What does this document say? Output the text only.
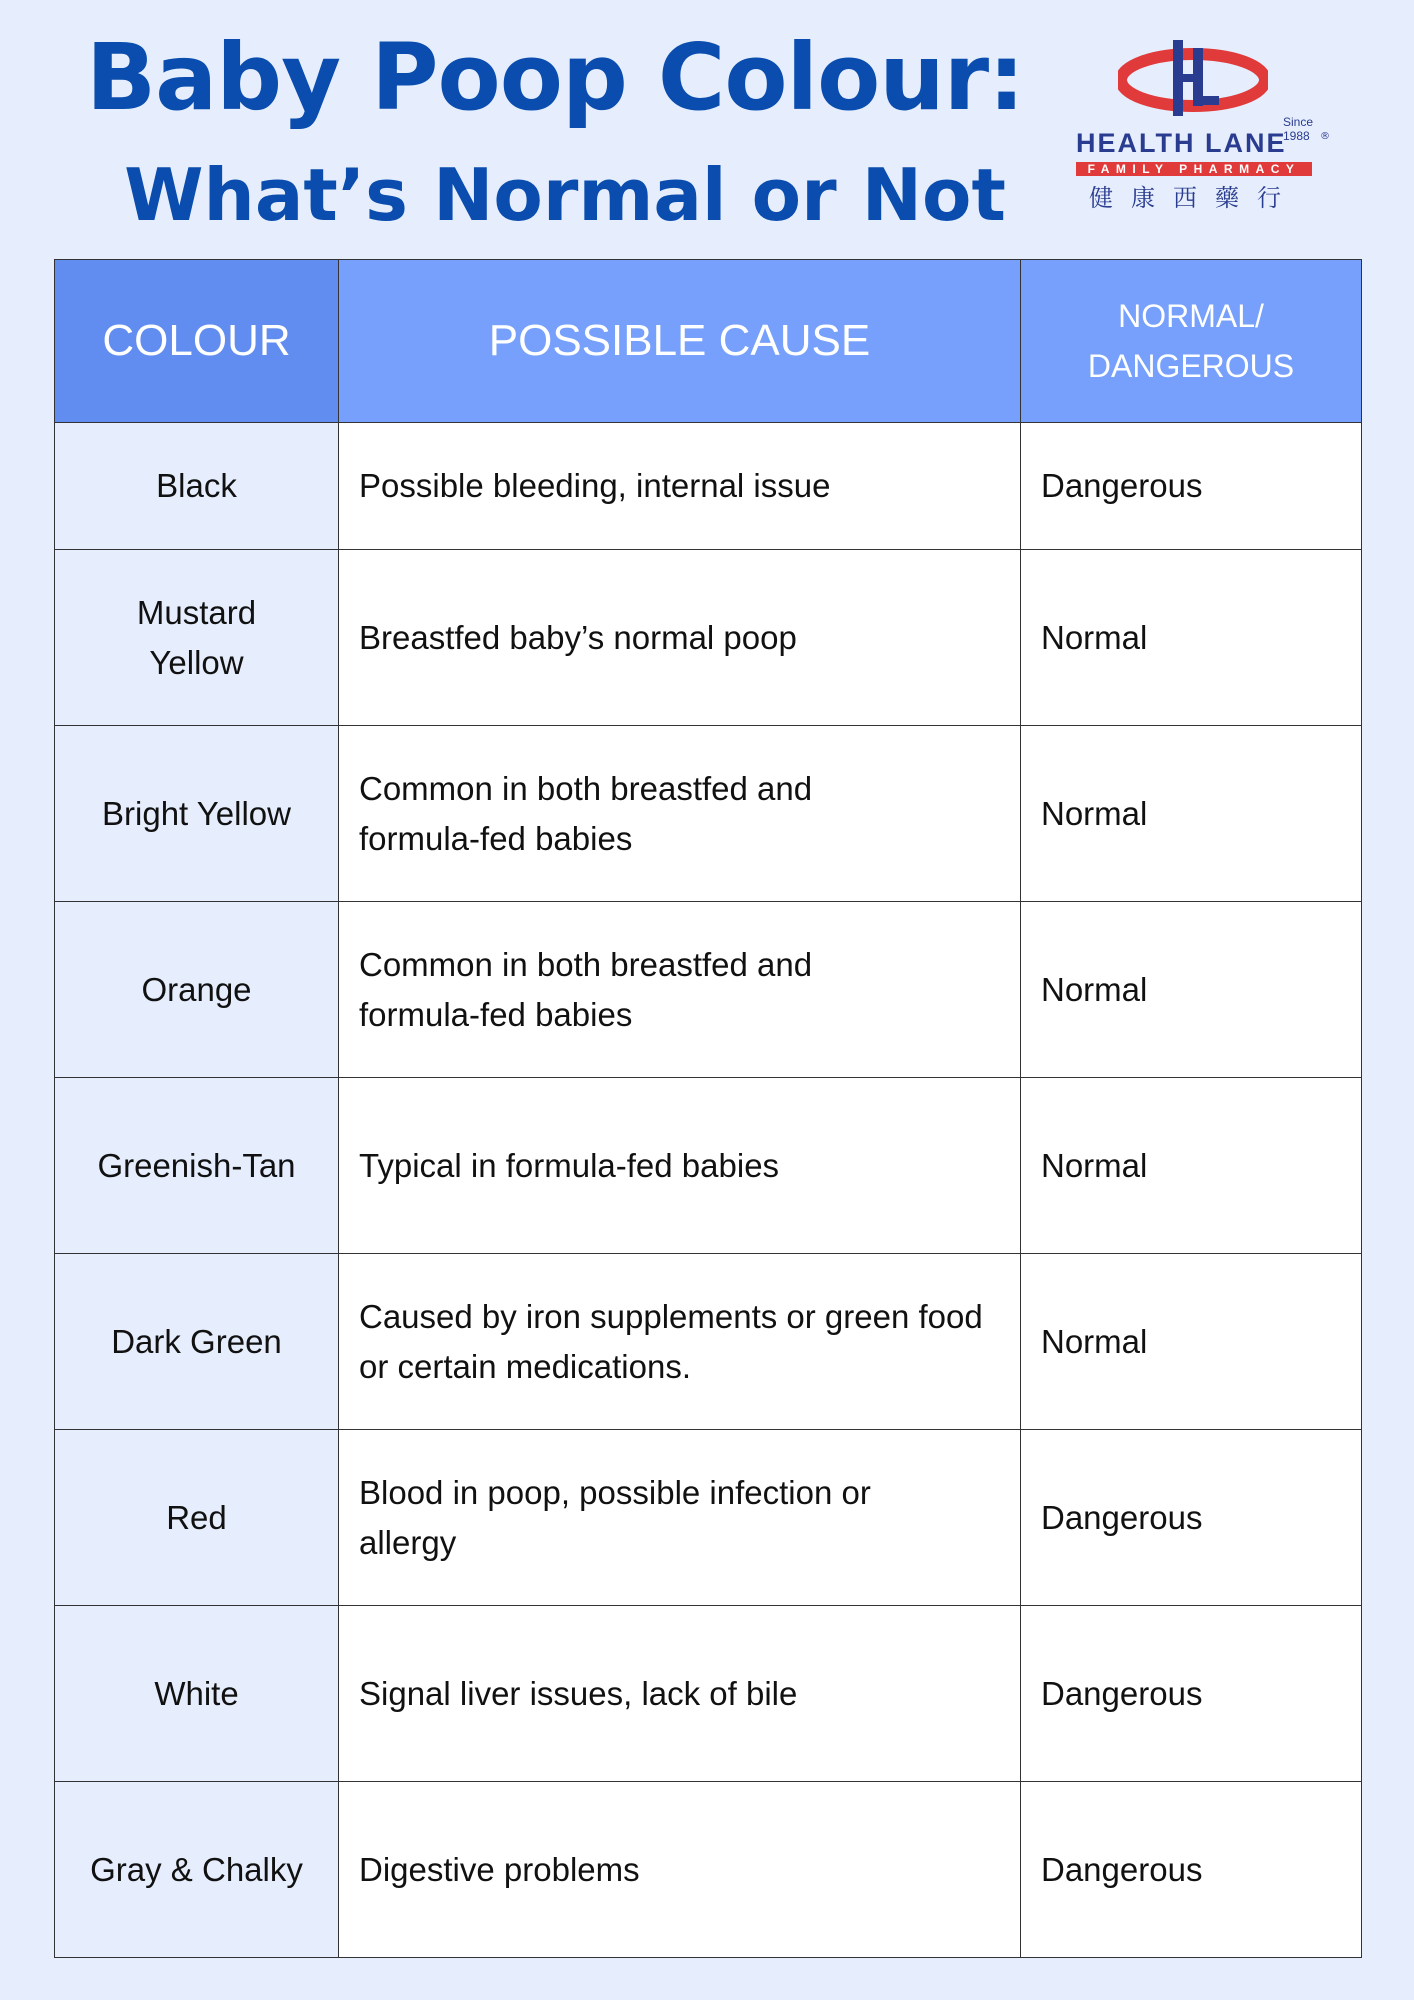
Baby Poop Colour:
What’s Normal or Not
Since 1988
HEALTH LANE	®
FAMILY PHARMACY
健康西藥行
COLOUR	POSSIBLE CAUSE	NORMAL/ DANGEROUS
Black	Possible bleeding, internal issue	Dangerous
Mustard Yellow	Breastfed baby’s normal poop	Normal
Bright Yellow	Common in both breastfed and formula-fed babies	Normal
Orange	Common in both breastfed and formula-fed babies	Normal
Greenish-Tan	Typical in formula-fed babies	Normal
Dark Green	Caused by iron supplements or green food or certain medications.	Normal
Red	Blood in poop, possible infection or allergy	Dangerous
White	Signal liver issues, lack of bile	Dangerous
Gray & Chalky	Digestive problems	Dangerous
